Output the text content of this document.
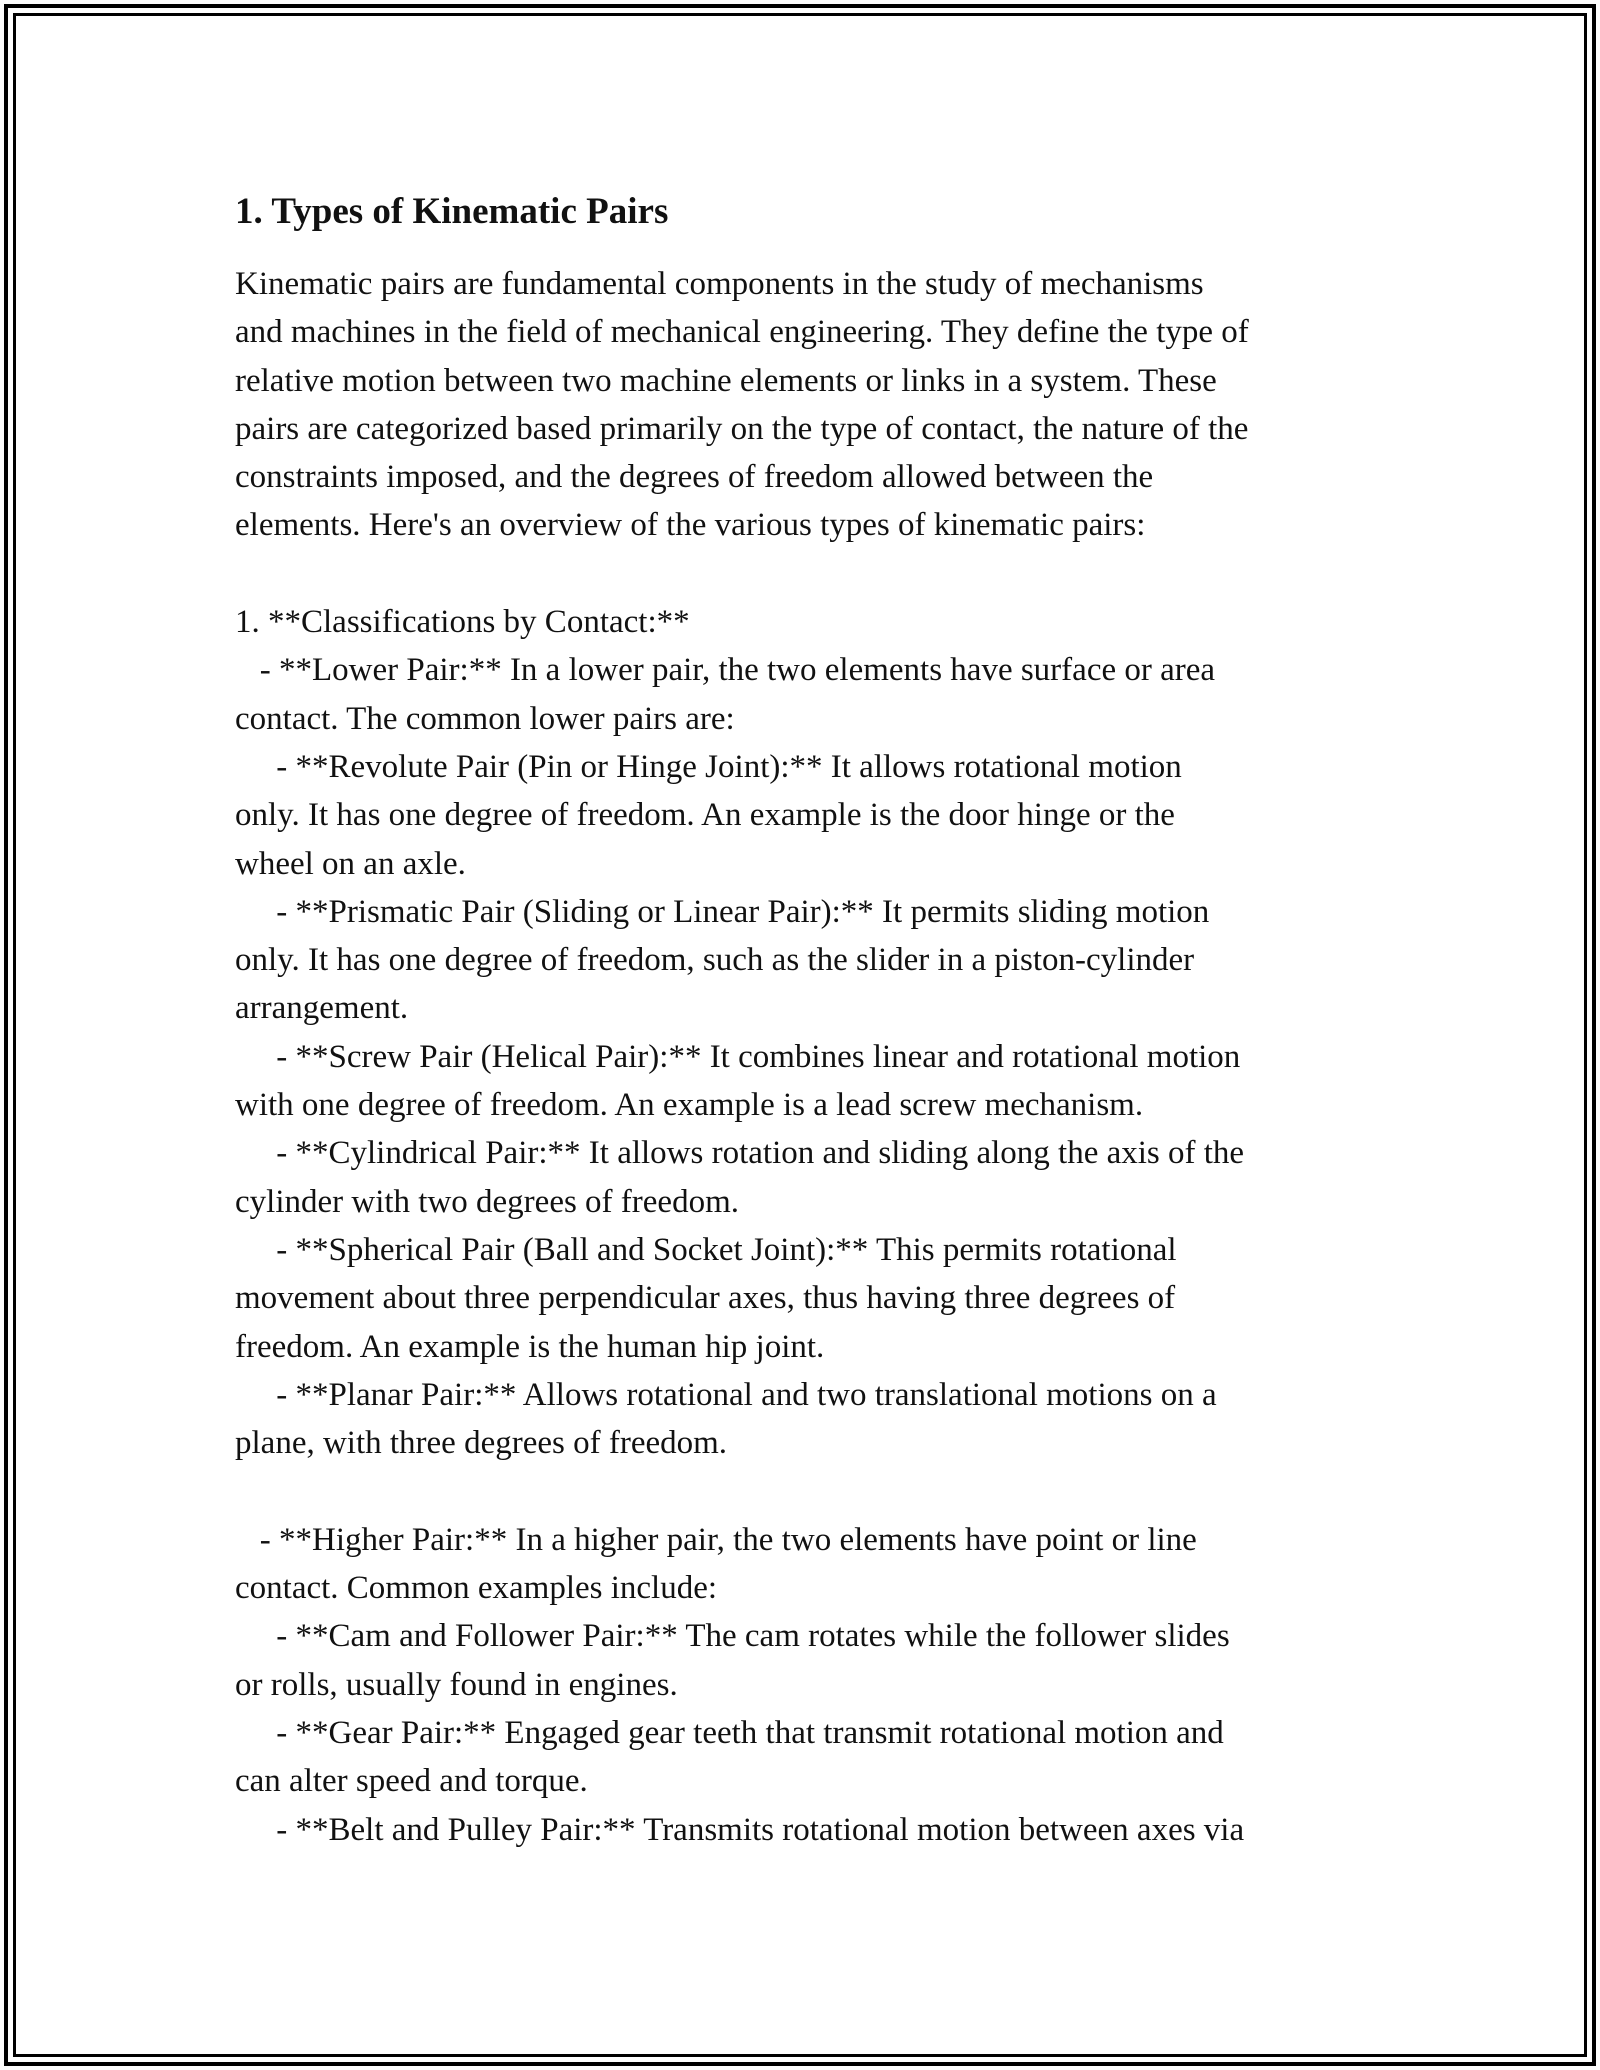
1. Types of Kinematic Pairs
Kinematic pairs are fundamental components in the study of mechanisms
and machines in the field of mechanical engineering. They define the type of
relative motion between two machine elements or links in a system. These
pairs are categorized based primarily on the type of contact, the nature of the
constraints imposed, and the degrees of freedom allowed between the
elements. Here's an overview of the various types of kinematic pairs:
1. **Classifications by Contact:**
- **Lower Pair:** In a lower pair, the two elements have surface or area
contact. The common lower pairs are:
- **Revolute Pair (Pin or Hinge Joint):** It allows rotational motion
only. It has one degree of freedom. An example is the door hinge or the
wheel on an axle.
- **Prismatic Pair (Sliding or Linear Pair):** It permits sliding motion
only. It has one degree of freedom, such as the slider in a piston-cylinder
arrangement.
- **Screw Pair (Helical Pair):** It combines linear and rotational motion
with one degree of freedom. An example is a lead screw mechanism.
- **Cylindrical Pair:** It allows rotation and sliding along the axis of the
cylinder with two degrees of freedom.
- **Spherical Pair (Ball and Socket Joint):** This permits rotational
movement about three perpendicular axes, thus having three degrees of
freedom. An example is the human hip joint.
- **Planar Pair:** Allows rotational and two translational motions on a
plane, with three degrees of freedom.
- **Higher Pair:** In a higher pair, the two elements have point or line
contact. Common examples include:
- **Cam and Follower Pair:** The cam rotates while the follower slides
or rolls, usually found in engines.
- **Gear Pair:** Engaged gear teeth that transmit rotational motion and
can alter speed and torque.
- **Belt and Pulley Pair:** Transmits rotational motion between axes via
